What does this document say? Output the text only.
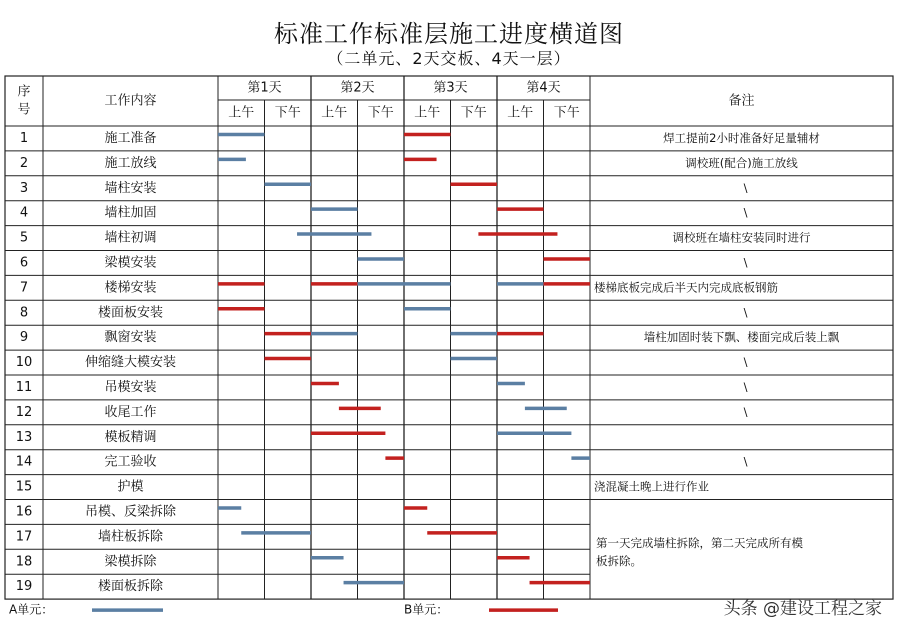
标准工作标准层施工进度横道图
（二单元、2天交板、4天一层）
序
号
工作内容	备注
第1天
上午 下午
第2天
上午 下午
第3天
上午 下午
第4天
上午 下午
1	施工准备	焊工提前2小时准备好足量辅材
2	施工放线	调校班(配合)施工放线
3	墙柱安装	\
4	墙柱加固	\
5	墙柱初调	调校班在墙柱安装同时进行
6	梁模安装	\
7	楼梯安装	楼梯底板完成后半天内完成底板钢筋
8	楼面板安装	\
9	飘窗安装	墙柱加固时装下飘、楼面完成后装上飘
10	伸缩缝大模安装	\
11	吊模安装	\
12	收尾工作	\
13	模板精调
14	完工验收	\
15	护模	浇混凝土晚上进行作业
16	吊模、反梁拆除
17	墙柱板拆除
18	梁模拆除
19	楼面板拆除
第一天完成墙柱拆除，第二天完成所有模
板拆除。
A单元：	B单元：	头条 @建设工程之家
